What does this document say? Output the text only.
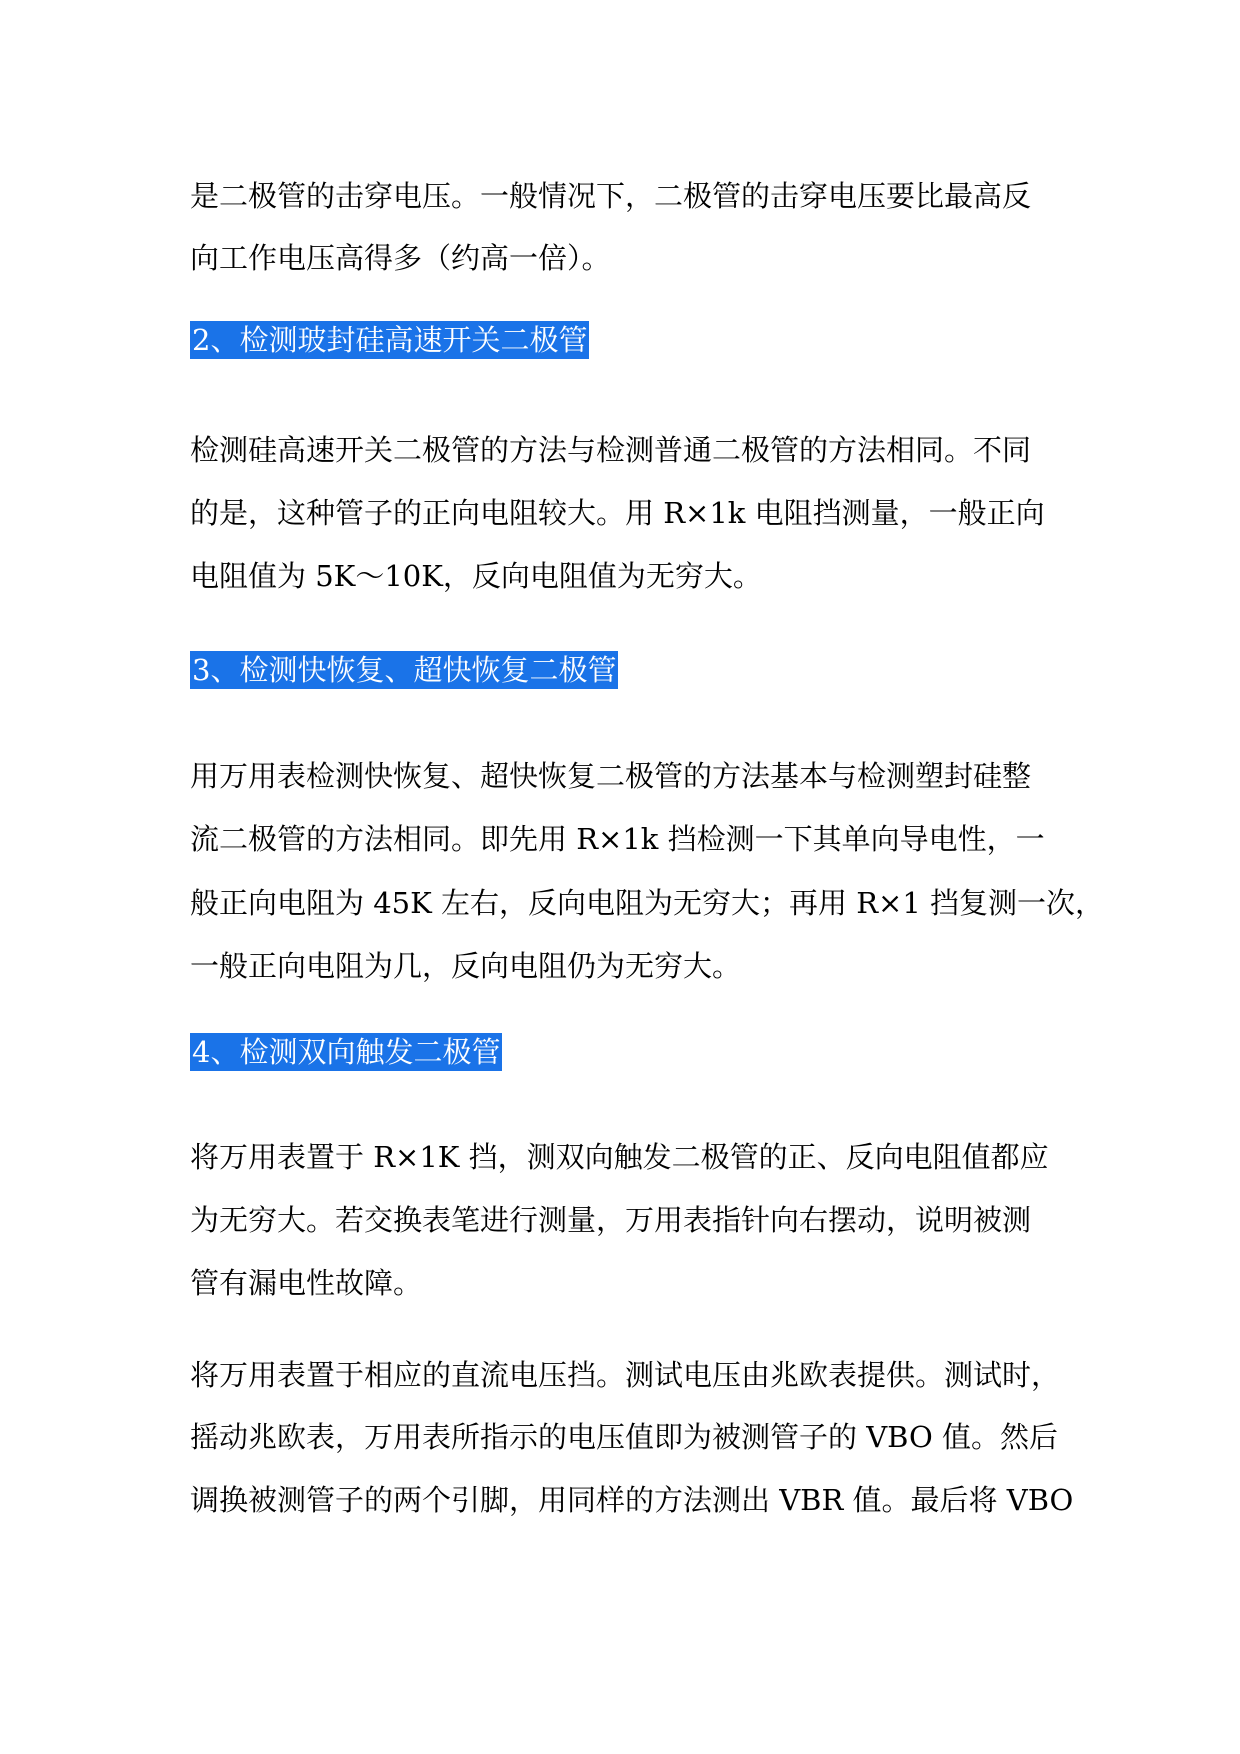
是二极管的击穿电压。一般情况下，二极管的击穿电压要比最高反
向工作电压高得多（约高一倍）。
2、检测玻封硅高速开关二极管
检测硅高速开关二极管的方法与检测普通二极管的方法相同。不同
的是，这种管子的正向电阻较大。用 R×1k 电阻挡测量，一般正向
电阻值为 5K～10K，反向电阻值为无穷大。
3、检测快恢复、超快恢复二极管
用万用表检测快恢复、超快恢复二极管的方法基本与检测塑封硅整
流二极管的方法相同。即先用 R×1k 挡检测一下其单向导电性，一
般正向电阻为 45K 左右，反向电阻为无穷大；再用 R×1 挡复测一次，
一般正向电阻为几，反向电阻仍为无穷大。
4、检测双向触发二极管
将万用表置于 R×1K 挡，测双向触发二极管的正、反向电阻值都应
为无穷大。若交换表笔进行测量，万用表指针向右摆动，说明被测
管有漏电性故障。
将万用表置于相应的直流电压挡。测试电压由兆欧表提供。测试时，
摇动兆欧表，万用表所指示的电压值即为被测管子的 VBO 值。然后
调换被测管子的两个引脚，用同样的方法测出 VBR 值。最后将 VBO
